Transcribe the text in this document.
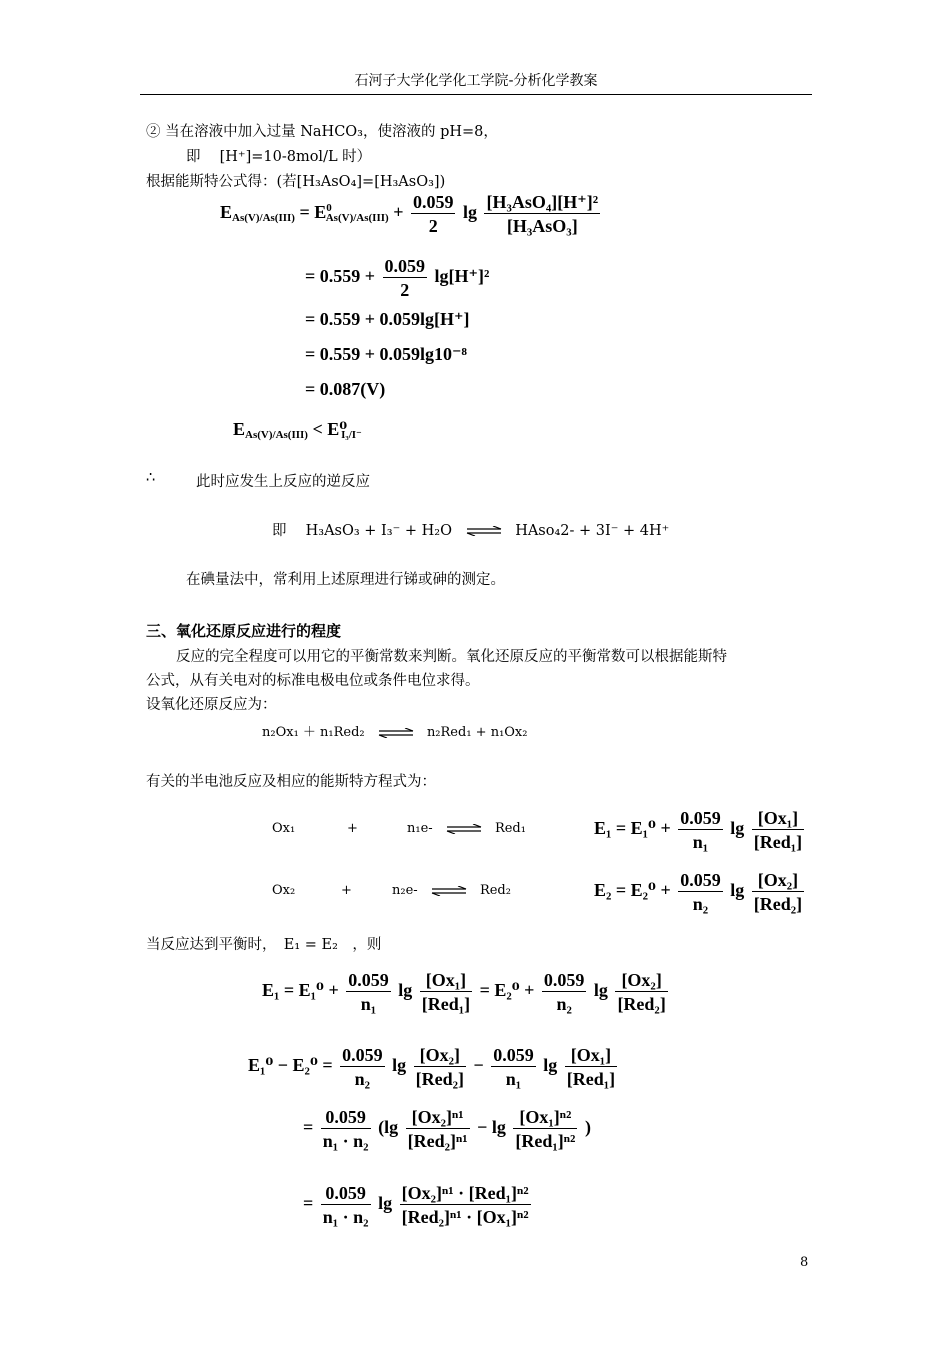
石河子大学化学化工学院-分析化学教案
② 当在溶液中加入过量 NaHCO₃，使溶液的 pH=8，
即　 [H⁺]=10-8mol/L 时）
根据能斯特公式得：(若[H₃AsO₄]=[H₃AsO₃])
$E_{As(V)/As(III)} = E^0_{As(V)/As(III)} + \frac{0.059}{2}$ $\lg \frac{\text{[H₃AsO₄][H⁺]²}}{\text{[H₃AsO₃]}}$
= $0.559 + \frac{0.059}{2} \lg[H^+]^2$
= 0.559 + 0.059lg[H⁺]
= 0.559 + 0.059lg10⁻⁸
= 0.087(V)
$E_{As(V)/As(III)} < E^0_{I_3/I^-}$
∴	此时应发生上反应的逆反应
即　 H₃AsO₃ + I₃⁻ + H₂O ⇌ HAso₄2- + 3I⁻ + 4H⁺
在碘量法中，常利用上述原理进行锑或砷的测定。
三、氧化还原反应进行的程度
反应的完全程度可以用它的平衡常数来判断。氧化还原反应的平衡常数可以根据能斯特
公式，从有关电对的标准电极电位或条件电位求得。
设氧化还原反应为：
n₂Ox₁ ＋ n₁Red₂ ⇌ n₂Red₁ + n₁Ox₂
有关的半电池反应及相应的能斯特方程式为：
Ox₁	+	n₁e- ⇌ Red₁	$E_1 = E_1^0 + \frac{0.059}{\text{n₁}}$ $\lg \frac{\text{[Ox₁]}}{\text{[Red₁]}}$
Ox₂	+	n₂e- ⇌ Red₂	$E_2 = E_2^0 + \frac{0.059}{\text{n₂}}$ $\lg \frac{\text{[Ox₂]}}{\text{[Red₂]}}$
当反应达到平衡时，　E₁ = E₂　，则
$E_1 = E_1^0 + \frac{0.059}{\text{n₁}}$ $\lg \frac{\text{[Ox₁]}}{\text{[Red₁]}} = E_2^0 + \frac{0.059}{\text{n₂}}$ $\lg \frac{\text{[Ox₂]}}{\text{[Red₂]}}$
$E_1^0 - E_2^0 = \frac{0.059}{\text{n₂}}$ $\lg \frac{\text{[Ox₂]}}{\text{[Red₂]}} - \frac{0.059}{\text{n₁}}$ $\lg \frac{\text{[Ox₁]}}{\text{[Red₁]}}$
= $\frac{0.059}{\text{n₁ · n₂}} (\lg \frac{\text{[Ox₂]ⁿ¹}}{\text{[Red₂]ⁿ¹}} - \lg \frac{\text{[Ox₁]ⁿ²}}{\text{[Red₁]ⁿ²}}$ )
= $\frac{0.059}{\text{n₁ · n₂}}$ $\lg \frac{\text{[Ox₂]ⁿ¹ · [Red₁]ⁿ²}}{\text{[Red₂]ⁿ¹ · [Ox₁]ⁿ²}}$
8
